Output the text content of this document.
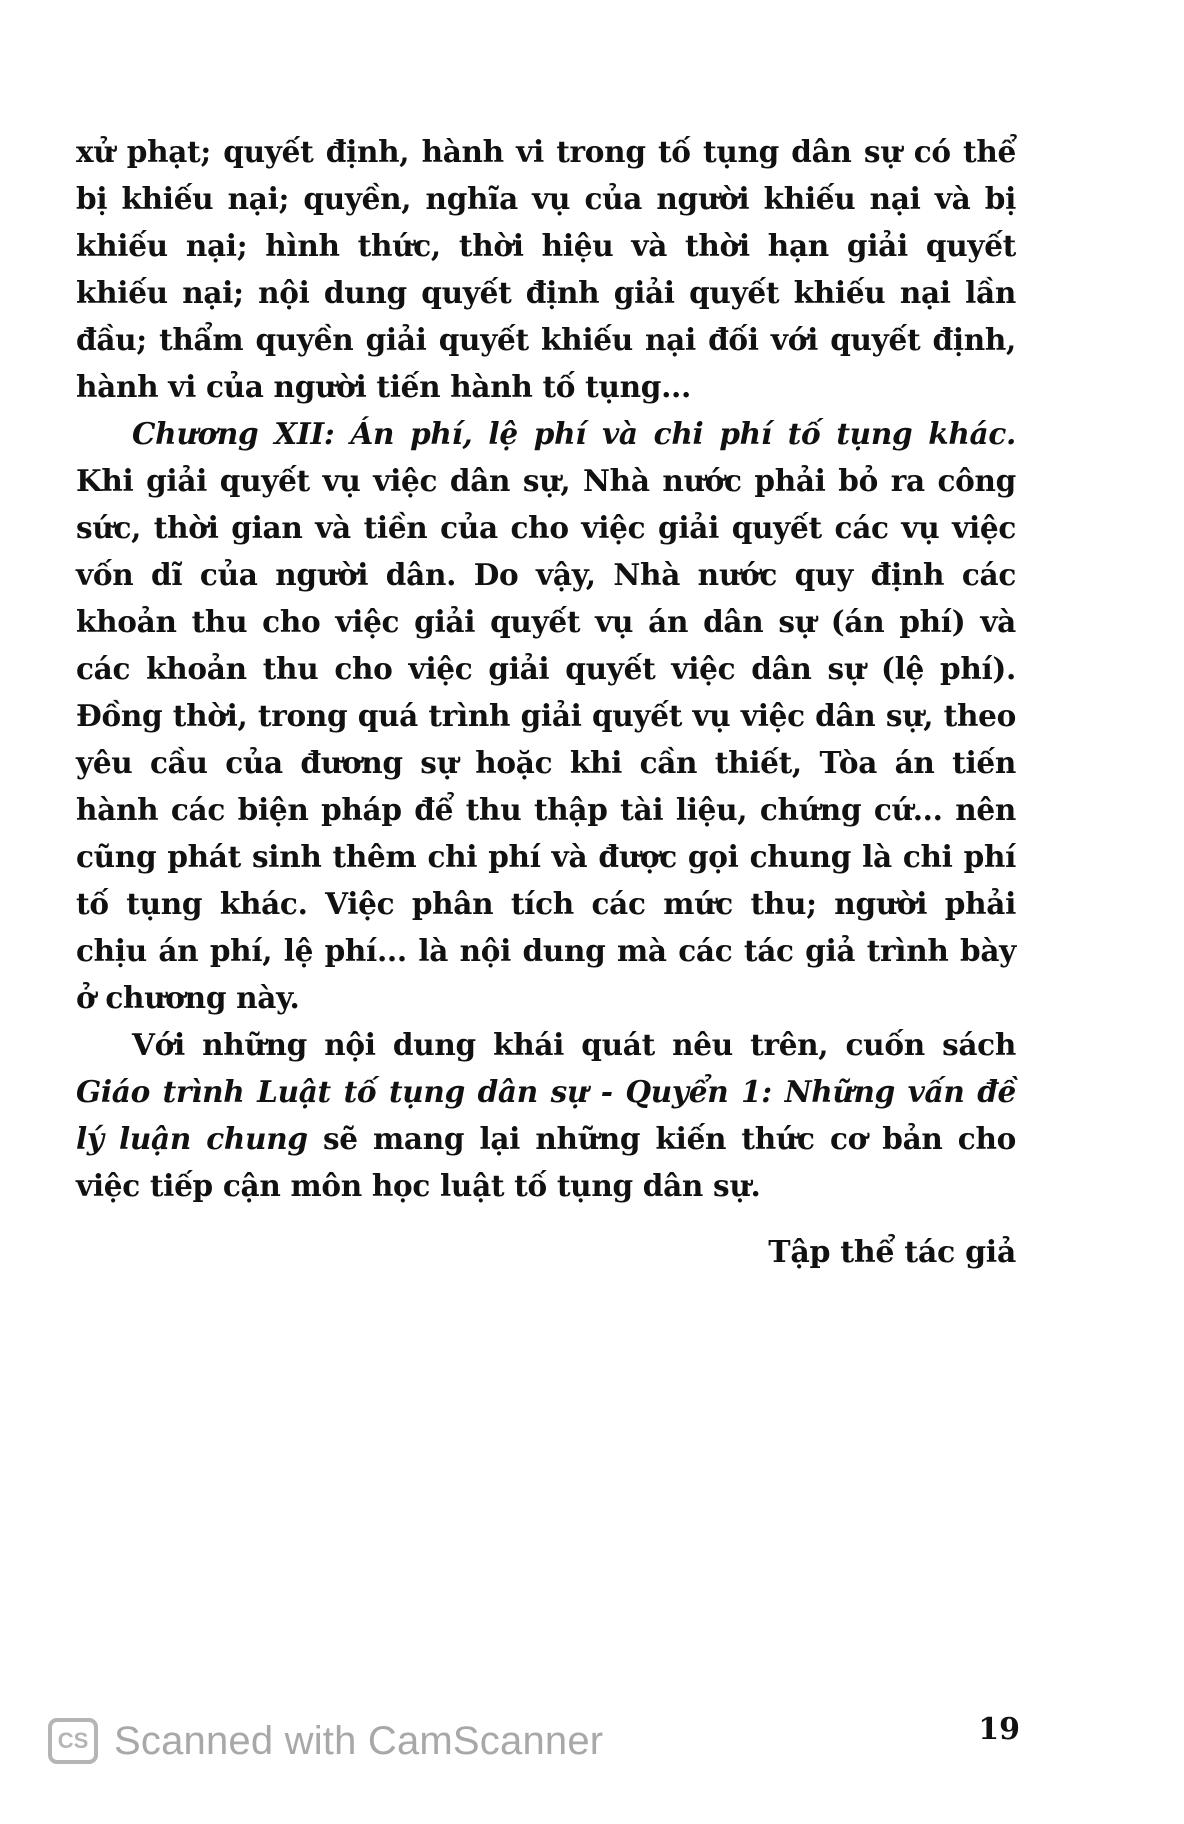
xử phạt; quyết định, hành vi trong tố tụng dân sự có thể bị khiếu nại; quyền, nghĩa vụ của người khiếu nại và bị khiếu nại; hình thức, thời hiệu và thời hạn giải quyết khiếu nại; nội dung quyết định giải quyết khiếu nại lần đầu; thẩm quyền giải quyết khiếu nại đối với quyết định, hành vi của người tiến hành tố tụng...

Chương XII: Án phí, lệ phí và chi phí tố tụng khác. Khi giải quyết vụ việc dân sự, Nhà nước phải bỏ ra công sức, thời gian và tiền của cho việc giải quyết các vụ việc vốn dĩ của người dân. Do vậy, Nhà nước quy định các khoản thu cho việc giải quyết vụ án dân sự (án phí) và các khoản thu cho việc giải quyết việc dân sự (lệ phí). Đồng thời, trong quá trình giải quyết vụ việc dân sự, theo yêu cầu của đương sự hoặc khi cần thiết, Tòa án tiến hành các biện pháp để thu thập tài liệu, chứng cứ... nên cũng phát sinh thêm chi phí và được gọi chung là chi phí tố tụng khác. Việc phân tích các mức thu; người phải chịu án phí, lệ phí... là nội dung mà các tác giả trình bày ở chương này.

Với những nội dung khái quát nêu trên, cuốn sách Giáo trình Luật tố tụng dân sự - Quyển 1: Những vấn đề lý luận chung sẽ mang lại những kiến thức cơ bản cho việc tiếp cận môn học luật tố tụng dân sự.

Tập thể tác giả

19
CS Scanned with CamScanner
